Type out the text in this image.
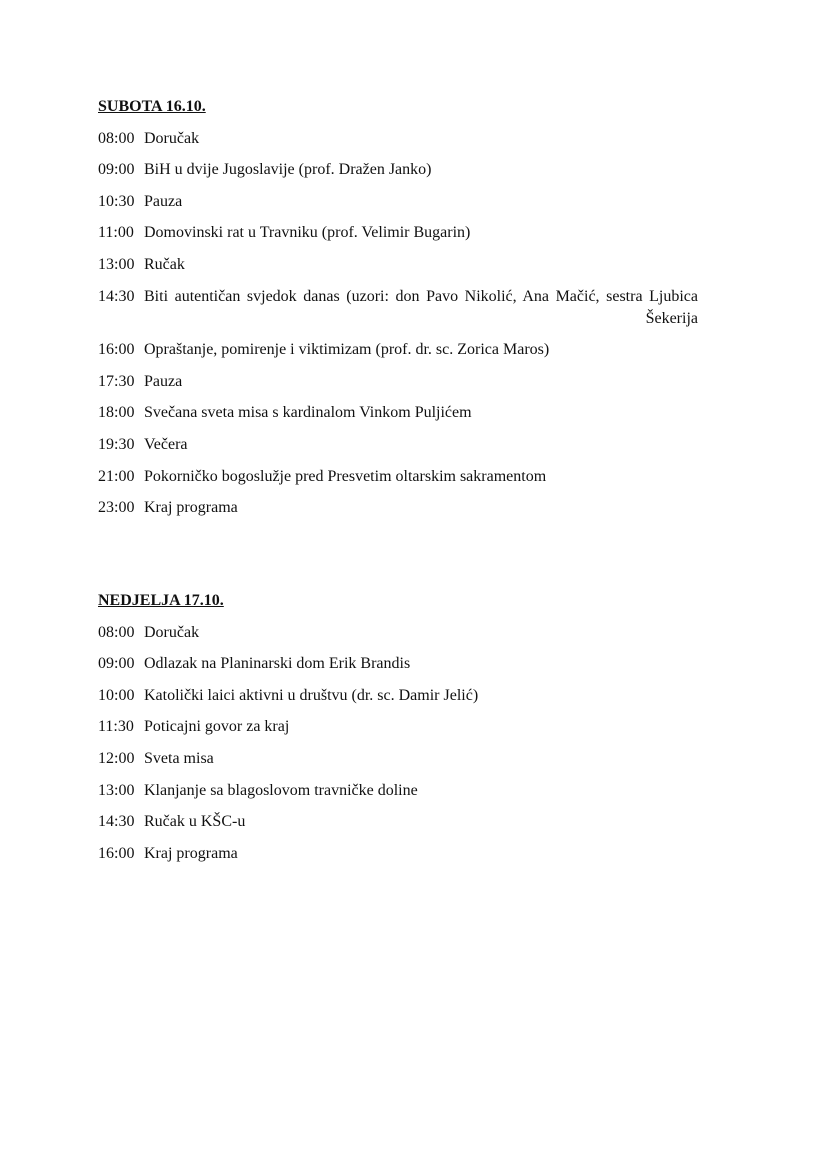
SUBOTA 16.10.
08:00 Doručak
09:00 BiH u dvije Jugoslavije (prof. Dražen Janko)
10:30 Pauza
11:00 Domovinski rat u Travniku (prof. Velimir Bugarin)
13:00 Ručak
14:30 Biti autentičan svjedok danas (uzori: don Pavo Nikolić, Ana Mačić, sestra Ljubica Šekerija
16:00 Opraštanje, pomirenje i viktimizam (prof. dr. sc. Zorica Maros)
17:30 Pauza
18:00 Svečana sveta misa s kardinalom Vinkom Puljićem
19:30 Večera
21:00 Pokorničko bogoslužje pred Presvetim oltarskim sakramentom
23:00 Kraj programa
NEDJELJA 17.10.
08:00 Doručak
09:00 Odlazak na Planinarski dom Erik Brandis
10:00 Katolički laici aktivni u društvu (dr. sc. Damir Jelić)
11:30 Poticajni govor za kraj
12:00 Sveta misa
13:00 Klanjanje sa blagoslovom travničke doline
14:30 Ručak u KŠC-u
16:00 Kraj programa
